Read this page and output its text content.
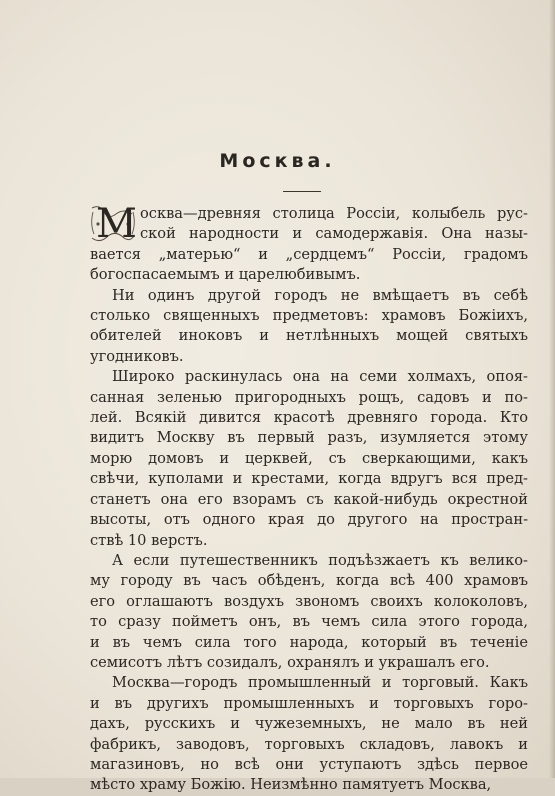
Москва.
М осква—древняя столица Россіи, колыбель рус-

ской народности и самодержавія. Она назы-

вается „матерью“ и „сердцемъ“ Россіи, градомъ

богоспасаемымъ и царелюбивымъ.

Ни одинъ другой городъ не вмѣщаетъ въ себѣ

столько священныхъ предметовъ: храмовъ Божіихъ,

обителей иноковъ и нетлѣнныхъ мощей святыхъ

угодниковъ.

Широко раскинулась она на семи холмахъ, опоя-

санная зеленью пригородныхъ рощъ, садовъ и по-

лей. Всякій дивится красотѣ древняго города. Кто

видитъ Москву въ первый разъ, изумляется этому

морю домовъ и церквей, съ сверкающими, какъ

свѣчи, куполами и крестами, когда вдругъ вся пред-

станетъ она его взорамъ съ какой-нибудь окрестной

высоты, отъ одного края до другого на простран-

ствѣ 10 верстъ.

А если путешественникъ подъѣзжаетъ къ велико-

му городу въ часъ обѣденъ, когда всѣ 400 храмовъ

его оглашаютъ воздухъ звономъ своихъ колоколовъ,

то сразу пойметъ онъ, въ чемъ сила этого города,

и въ чемъ сила того народа, который въ теченіе

семисотъ лѣтъ созидалъ, охранялъ и украшалъ его.

Москва—городъ промышленный и торговый. Какъ

и въ другихъ промышленныхъ и торговыхъ горо-

дахъ, русскихъ и чужеземныхъ, не мало въ ней

фабрикъ, заводовъ, торговыхъ складовъ, лавокъ и

магазиновъ, но всѣ они уступаютъ здѣсь первое

мѣсто храму Божію. Неизмѣнно памятуетъ Москва,
